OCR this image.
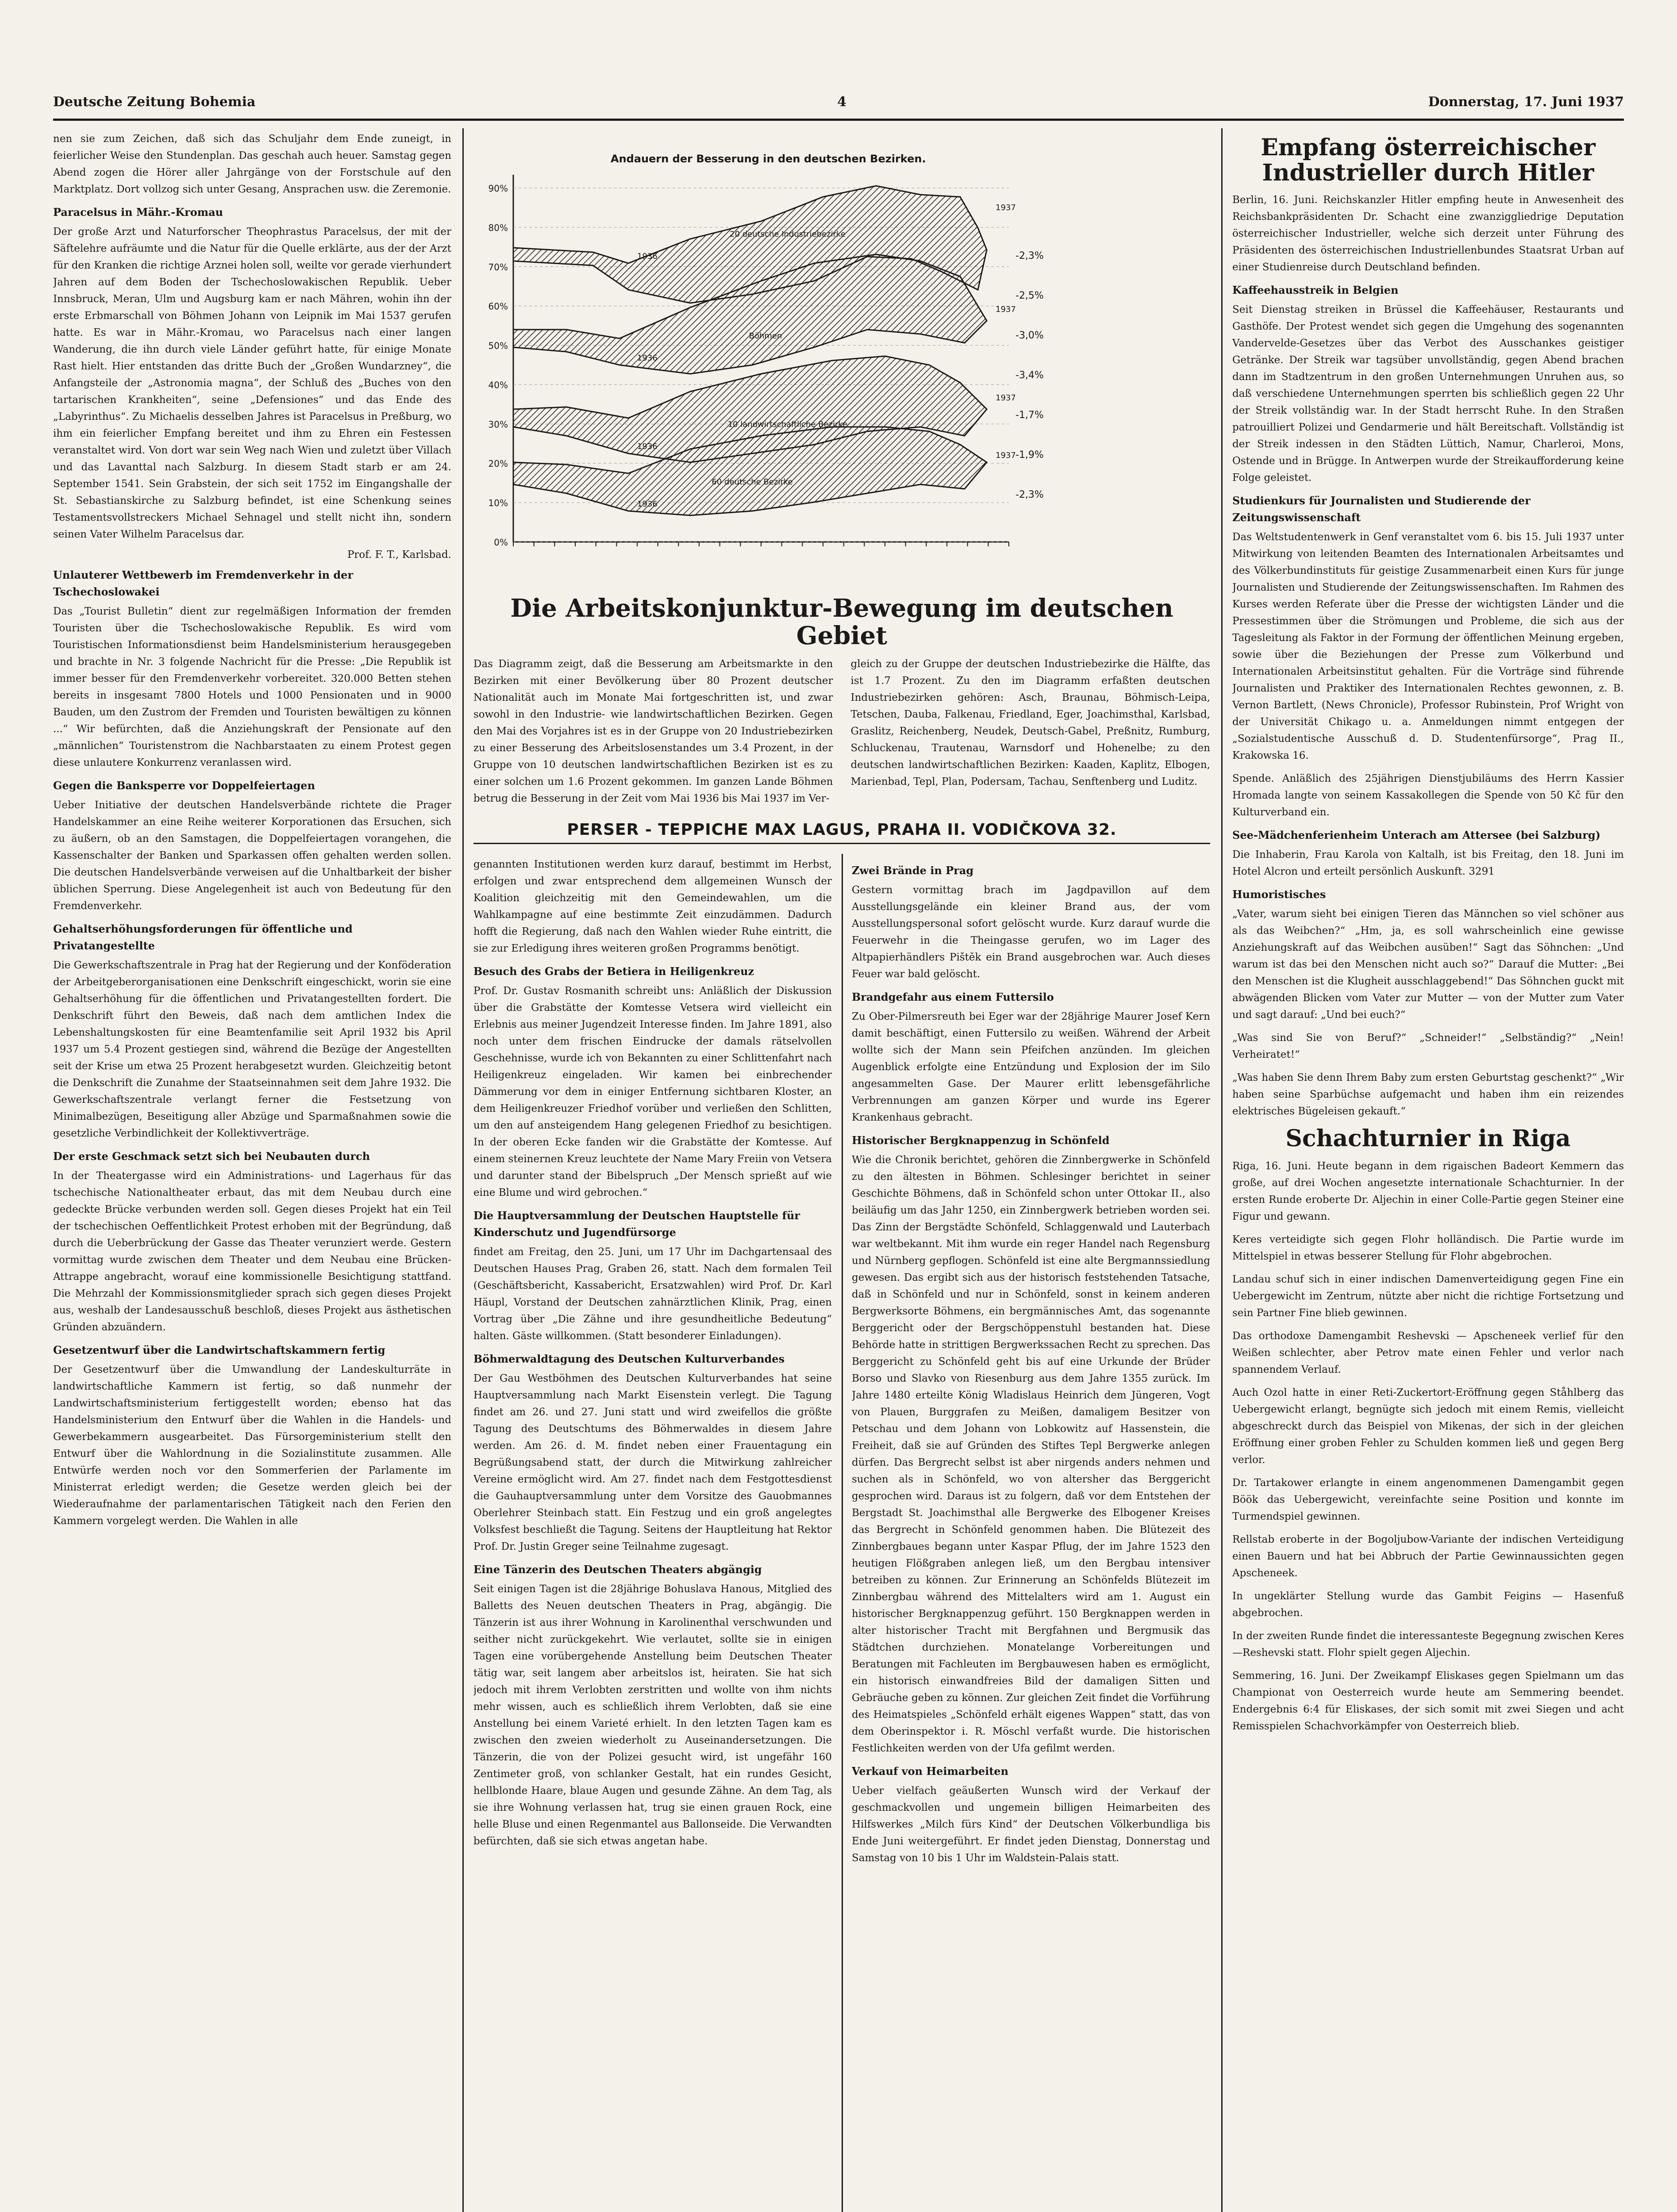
Deutsche Zeitung Bohemia	4	Donnerstag, 17. Juni 1937

nen sie zum Zeichen, daß sich das Schuljahr dem Ende zuneigt, in feierlicher Weise den Stundenplan. Das geschah auch heuer. Samstag gegen Abend zogen die Hörer aller Jahrgänge von der Forstschule auf den Marktplatz. Dort vollzog sich unter Gesang, Ansprachen usw. die Zeremonie.

Paracelsus in Mähr.-Kromau

Der große Arzt und Naturforscher Theophrastus Paracelsus, der mit der Säftelehre aufräumte und die Natur für die Quelle erklärte, aus der der Arzt für den Kranken die richtige Arznei holen soll, weilte vor gerade vierhundert Jahren auf dem Boden der Tschechoslowakischen Republik. Ueber Innsbruck, Meran, Ulm und Augsburg kam er nach Mähren, wohin ihn der erste Erbmarschall von Böhmen Johann von Leipnik im Mai 1537 gerufen hatte. Es war in Mähr.-Kromau, wo Paracelsus nach einer langen Wanderung, die ihn durch viele Länder geführt hatte, für einige Monate Rast hielt. Hier entstanden das dritte Buch der „Großen Wundarzney“, die Anfangsteile der „Astronomia magna“, der Schluß des „Buches von den tartarischen Krankheiten“, seine „Defensiones“ und das Ende des „Labyrinthus“. Zu Michaelis desselben Jahres ist Paracelsus in Preßburg, wo ihm ein feierlicher Empfang bereitet und ihm zu Ehren ein Festessen veranstaltet wird. Von dort war sein Weg nach Wien und zuletzt über Villach und das Lavanttal nach Salzburg. In diesem Stadt starb er am 24. September 1541. Sein Grabstein, der sich seit 1752 im Eingangshalle der St. Sebastianskirche zu Salzburg befindet, ist eine Schenkung seines Testamentsvollstreckers Michael Sehnagel und stellt nicht ihn, sondern seinen Vater Wilhelm Paracelsus dar.

Prof. F. T., Karlsbad.
Unlauterer Wettbewerb im Fremdenverkehr in der Tschechoslowakei

Das „Tourist Bulletin“ dient zur regelmäßigen Information der fremden Touristen über die Tschechoslowakische Republik. Es wird vom Touristischen Informationsdienst beim Handelsministerium herausgegeben und brachte in Nr. 3 folgende Nachricht für die Presse: „Die Republik ist immer besser für den Fremdenverkehr vorbereitet. 320.000 Betten stehen bereits in insgesamt 7800 Hotels und 1000 Pensionaten und in 9000 Bauden, um den Zustrom der Fremden und Touristen bewältigen zu können ...“ Wir befürchten, daß die Anziehungskraft der Pensionate auf den „männlichen“ Touristenstrom die Nachbarstaaten zu einem Protest gegen diese unlautere Konkurrenz veranlassen wird.

Gegen die Banksperre vor Doppelfeiertagen

Ueber Initiative der deutschen Handelsverbände richtete die Prager Handelskammer an eine Reihe weiterer Korporationen das Ersuchen, sich zu äußern, ob an den Samstagen, die Doppelfeiertagen vorangehen, die Kassenschalter der Banken und Sparkassen offen gehalten werden sollen. Die deutschen Handelsverbände verweisen auf die Unhaltbarkeit der bisher üblichen Sperrung. Diese Angelegenheit ist auch von Bedeutung für den Fremdenverkehr.

Gehaltserhöhungsforderungen für öffentliche und Privatangestellte

Die Gewerkschaftszentrale in Prag hat der Regierung und der Konföderation der Arbeitgeberorganisationen eine Denkschrift eingeschickt, worin sie eine Gehaltserhöhung für die öffentlichen und Privatangestellten fordert. Die Denkschrift führt den Beweis, daß nach dem amtlichen Index die Lebenshaltungskosten für eine Beamtenfamilie seit April 1932 bis April 1937 um 5.4 Prozent gestiegen sind, während die Bezüge der Angestellten seit der Krise um etwa 25 Prozent herabgesetzt wurden. Gleichzeitig betont die Denkschrift die Zunahme der Staatseinnahmen seit dem Jahre 1932. Die Gewerkschaftszentrale verlangt ferner die Festsetzung von Minimalbezügen, Beseitigung aller Abzüge und Sparmaßnahmen sowie die gesetzliche Verbindlichkeit der Kollektivverträge.

Der erste Geschmack setzt sich bei Neubauten durch

In der Theatergasse wird ein Administrations- und Lagerhaus für das tschechische Nationaltheater erbaut, das mit dem Neubau durch eine gedeckte Brücke verbunden werden soll. Gegen dieses Projekt hat ein Teil der tschechischen Oeffentlichkeit Protest erhoben mit der Begründung, daß durch die Ueberbrückung der Gasse das Theater verunziert werde. Gestern vormittag wurde zwischen dem Theater und dem Neubau eine Brücken-Attrappe angebracht, worauf eine kommissionelle Besichtigung stattfand. Die Mehrzahl der Kommissionsmitglieder sprach sich gegen dieses Projekt aus, weshalb der Landesausschuß beschloß, dieses Projekt aus ästhetischen Gründen abzuändern.

Gesetzentwurf über die Landwirtschaftskammern fertig

Der Gesetzentwurf über die Umwandlung der Landeskulturräte in landwirtschaftliche Kammern ist fertig, so daß nunmehr der Landwirtschaftsministerium fertiggestellt worden; ebenso hat das Handelsministerium den Entwurf über die Wahlen in die Handels- und Gewerbekammern ausgearbeitet. Das Fürsorgeministerium stellt den Entwurf über die Wahlordnung in die Sozialinstitute zusammen. Alle Entwürfe werden noch vor den Sommerferien der Parlamente im Ministerrat erledigt werden; die Gesetze werden gleich bei der Wiederaufnahme der parlamentarischen Tätigkeit nach den Ferien den Kammern vorgelegt werden. Die Wahlen in alle

Andauern der Besserung in den deutschen Bezirken.
90%
80%
70%
60%
50%
40%
30%
20%
10%
0%
20 deutsche Industriebezirke
1936
1937
Böhmen
1936
1937
10 landwirtschaftliche Bezirke
1936
1937
60 deutsche Bezirke
1936
1937
-2,3%
-2,5%
-3,0%
-3,4%
-1,7%
-1,9%
-2,3%
Die Arbeitskonjunktur-Bewegung im deutschen Gebiet

Das Diagramm zeigt, daß die Besserung am Arbeitsmarkte in den Bezirken mit einer Bevölkerung über 80 Prozent deutscher Nationalität auch im Monate Mai fortgeschritten ist, und zwar sowohl in den Industrie- wie landwirtschaftlichen Bezirken. Gegen den Mai des Vorjahres ist es in der Gruppe von 20 Industriebezirken zu einer Besserung des Arbeitslosenstandes um 3.4 Prozent, in der Gruppe von 10 deutschen landwirtschaftlichen Bezirken ist es zu einer solchen um 1.6 Prozent gekommen. Im ganzen Lande Böhmen betrug die Besserung in der Zeit vom Mai 1936 bis Mai 1937 im Ver-

gleich zu der Gruppe der deutschen Industriebezirke die Hälfte, das ist 1.7 Prozent. Zu den im Diagramm erfaßten deutschen Industriebezirken gehören: Asch, Braunau, Böhmisch-Leipa, Tetschen, Dauba, Falkenau, Friedland, Eger, Joachimsthal, Karlsbad, Graslitz, Reichenberg, Neudek, Deutsch-Gabel, Preßnitz, Rumburg, Schluckenau, Trautenau, Warnsdorf und Hohenelbe; zu den deutschen landwirtschaftlichen Bezirken: Kaaden, Kaplitz, Elbogen, Marienbad, Tepl, Plan, Podersam, Tachau, Senftenberg und Luditz.

PERSER - TEPPICHE MAX LAGUS, PRAHA II. VODIČKOVA 32.

genannten Institutionen werden kurz darauf, bestimmt im Herbst, erfolgen und zwar entsprechend dem allgemeinen Wunsch der Koalition gleichzeitig mit den Gemeindewahlen, um die Wahlkampagne auf eine bestimmte Zeit einzudämmen. Dadurch hofft die Regierung, daß nach den Wahlen wieder Ruhe eintritt, die sie zur Erledigung ihres weiteren großen Programms benötigt.

Besuch des Grabs der Betiera in Heiligenkreuz

Prof. Dr. Gustav Rosmanith schreibt uns: Anläßlich der Diskussion über die Grabstätte der Komtesse Vetsera wird vielleicht ein Erlebnis aus meiner Jugendzeit Interesse finden. Im Jahre 1891, also noch unter dem frischen Eindrucke der damals rätselvollen Geschehnisse, wurde ich von Bekannten zu einer Schlittenfahrt nach Heiligenkreuz eingeladen. Wir kamen bei einbrechender Dämmerung vor dem in einiger Entfernung sichtbaren Kloster, an dem Heiligenkreuzer Friedhof vorüber und verließen den Schlitten, um den auf ansteigendem Hang gelegenen Friedhof zu besichtigen. In der oberen Ecke fanden wir die Grabstätte der Komtesse. Auf einem steinernen Kreuz leuchtete der Name Mary Freiin von Vetsera und darunter stand der Bibelspruch „Der Mensch sprießt auf wie eine Blume und wird gebrochen.“

Die Hauptversammlung der Deutschen Hauptstelle für Kinderschutz und Jugendfürsorge

findet am Freitag, den 25. Juni, um 17 Uhr im Dachgartensaal des Deutschen Hauses Prag, Graben 26, statt. Nach dem formalen Teil (Geschäftsbericht, Kassabericht, Ersatzwahlen) wird Prof. Dr. Karl Häupl, Vorstand der Deutschen zahnärztlichen Klinik, Prag, einen Vortrag über „Die Zähne und ihre gesundheitliche Bedeutung“ halten. Gäste willkommen. (Statt besonderer Einladungen).

Böhmerwaldtagung des Deutschen Kulturverbandes

Der Gau Westböhmen des Deutschen Kulturverbandes hat seine Hauptversammlung nach Markt Eisenstein verlegt. Die Tagung findet am 26. und 27. Juni statt und wird zweifellos die größte Tagung des Deutschtums des Böhmerwaldes in diesem Jahre werden. Am 26. d. M. findet neben einer Frauentagung ein Begrüßungsabend statt, der durch die Mitwirkung zahlreicher Vereine ermöglicht wird. Am 27. findet nach dem Festgottesdienst die Gauhauptversammlung unter dem Vorsitze des Gauobmannes Oberlehrer Steinbach statt. Ein Festzug und ein groß angelegtes Volksfest beschließt die Tagung. Seitens der Hauptleitung hat Rektor Prof. Dr. Justin Greger seine Teilnahme zugesagt.

Eine Tänzerin des Deutschen Theaters abgängig

Seit einigen Tagen ist die 28jährige Bohuslava Hanous, Mitglied des Balletts des Neuen deutschen Theaters in Prag, abgängig. Die Tänzerin ist aus ihrer Wohnung in Karolinenthal verschwunden und seither nicht zurückgekehrt. Wie verlautet, sollte sie in einigen Tagen eine vorübergehende Anstellung beim Deutschen Theater tätig war, seit langem aber arbeitslos ist, heiraten. Sie hat sich jedoch mit ihrem Verlobten zerstritten und wollte von ihm nichts mehr wissen, auch es schließlich ihrem Verlobten, daß sie eine Anstellung bei einem Varieté erhielt. In den letzten Tagen kam es zwischen den zweien wiederholt zu Auseinandersetzungen. Die Tänzerin, die von der Polizei gesucht wird, ist ungefähr 160 Zentimeter groß, von schlanker Gestalt, hat ein rundes Gesicht, hellblonde Haare, blaue Augen und gesunde Zähne. An dem Tag, als sie ihre Wohnung verlassen hat, trug sie einen grauen Rock, eine helle Bluse und einen Regenmantel aus Ballonseide. Die Verwandten befürchten, daß sie sich etwas angetan habe.

Zwei Brände in Prag

Gestern vormittag brach im Jagdpavillon auf dem Ausstellungsgelände ein kleiner Brand aus, der vom Ausstellungspersonal sofort gelöscht wurde. Kurz darauf wurde die Feuerwehr in die Theingasse gerufen, wo im Lager des Altpapierhändlers Pištěk ein Brand ausgebrochen war. Auch dieses Feuer war bald gelöscht.

Brandgefahr aus einem Futtersilo

Zu Ober-Pilmersreuth bei Eger war der 28jährige Maurer Josef Kern damit beschäftigt, einen Futtersilo zu weißen. Während der Arbeit wollte sich der Mann sein Pfeifchen anzünden. Im gleichen Augenblick erfolgte eine Entzündung und Explosion der im Silo angesammelten Gase. Der Maurer erlitt lebensgefährliche Verbrennungen am ganzen Körper und wurde ins Egerer Krankenhaus gebracht.

Historischer Bergknappenzug in Schönfeld

Wie die Chronik berichtet, gehören die Zinnbergwerke in Schönfeld zu den ältesten in Böhmen. Schlesinger berichtet in seiner Geschichte Böhmens, daß in Schönfeld schon unter Ottokar II., also beiläufig um das Jahr 1250, ein Zinnbergwerk betrieben worden sei. Das Zinn der Bergstädte Schönfeld, Schlaggenwald und Lauterbach war weltbekannt. Mit ihm wurde ein reger Handel nach Regensburg und Nürnberg gepflogen. Schönfeld ist eine alte Bergmannssiedlung gewesen. Das ergibt sich aus der historisch feststehenden Tatsache, daß in Schönfeld und nur in Schönfeld, sonst in keinem anderen Bergwerksorte Böhmens, ein bergmännisches Amt, das sogenannte Berggericht oder der Bergschöppenstuhl bestanden hat. Diese Behörde hatte in strittigen Bergwerkssachen Recht zu sprechen. Das Berggericht zu Schönfeld geht bis auf eine Urkunde der Brüder Borso und Slavko von Riesenburg aus dem Jahre 1355 zurück. Im Jahre 1480 erteilte König Wladislaus Heinrich dem Jüngeren, Vogt von Plauen, Burggrafen zu Meißen, damaligem Besitzer von Petschau und dem Johann von Lobkowitz auf Hassenstein, die Freiheit, daß sie auf Gründen des Stiftes Tepl Bergwerke anlegen dürfen. Das Bergrecht selbst ist aber nirgends anders nehmen und suchen als in Schönfeld, wo von altersher das Berggericht gesprochen wird. Daraus ist zu folgern, daß vor dem Entstehen der Bergstadt St. Joachimsthal alle Bergwerke des Elbogener Kreises das Bergrecht in Schönfeld genommen haben. Die Blütezeit des Zinnbergbaues begann unter Kaspar Pflug, der im Jahre 1523 den heutigen Flößgraben anlegen ließ, um den Bergbau intensiver betreiben zu können. Zur Erinnerung an Schönfelds Blütezeit im Zinnbergbau während des Mittelalters wird am 1. August ein historischer Bergknappenzug geführt. 150 Bergknappen werden in alter historischer Tracht mit Bergfahnen und Bergmusik das Städtchen durchziehen. Monatelange Vorbereitungen und Beratungen mit Fachleuten im Bergbauwesen haben es ermöglicht, ein historisch einwandfreies Bild der damaligen Sitten und Gebräuche geben zu können. Zur gleichen Zeit findet die Vorführung des Heimatspieles „Schönfeld erhält eigenes Wappen“ statt, das von dem Oberinspektor i. R. Möschl verfaßt wurde. Die historischen Festlichkeiten werden von der Ufa gefilmt werden.

Verkauf von Heimarbeiten

Ueber vielfach geäußerten Wunsch wird der Verkauf der geschmackvollen und ungemein billigen Heimarbeiten des Hilfswerkes „Milch fürs Kind“ der Deutschen Völkerbundliga bis Ende Juni weitergeführt. Er findet jeden Dienstag, Donnerstag und Samstag von 10 bis 1 Uhr im Waldstein-Palais statt.

Empfang österreichischer Industrieller durch Hitler

Berlin, 16. Juni. Reichskanzler Hitler empfing heute in Anwesenheit des Reichsbankpräsidenten Dr. Schacht eine zwanziggliedrige Deputation österreichischer Industrieller, welche sich derzeit unter Führung des Präsidenten des österreichischen Industriellenbundes Staatsrat Urban auf einer Studienreise durch Deutschland befinden.

Kaffeehausstreik in Belgien

Seit Dienstag streiken in Brüssel die Kaffeehäuser, Restaurants und Gasthöfe. Der Protest wendet sich gegen die Umgehung des sogenannten Vandervelde-Gesetzes über das Verbot des Ausschankes geistiger Getränke. Der Streik war tagsüber unvollständig, gegen Abend brachen dann im Stadtzentrum in den großen Unternehmungen Unruhen aus, so daß verschiedene Unternehmungen sperrten bis schließlich gegen 22 Uhr der Streik vollständig war. In der Stadt herrscht Ruhe. In den Straßen patrouilliert Polizei und Gendarmerie und hält Bereitschaft. Vollständig ist der Streik indessen in den Städten Lüttich, Namur, Charleroi, Mons, Ostende und in Brügge. In Antwerpen wurde der Streikaufforderung keine Folge geleistet.

Studienkurs für Journalisten und Studierende der Zeitungswissenschaft

Das Weltstudentenwerk in Genf veranstaltet vom 6. bis 15. Juli 1937 unter Mitwirkung von leitenden Beamten des Internationalen Arbeitsamtes und des Völkerbundinstituts für geistige Zusammenarbeit einen Kurs für junge Journalisten und Studierende der Zeitungswissenschaften. Im Rahmen des Kurses werden Referate über die Presse der wichtigsten Länder und die Pressestimmen über die Strömungen und Probleme, die sich aus der Tagesleitung als Faktor in der Formung der öffentlichen Meinung ergeben, sowie über die Beziehungen der Presse zum Völkerbund und Internationalen Arbeitsinstitut gehalten. Für die Vorträge sind führende Journalisten und Praktiker des Internationalen Rechtes gewonnen, z. B. Vernon Bartlett, (News Chronicle), Professor Rubinstein, Prof Wright von der Universität Chikago u. a. Anmeldungen nimmt entgegen der „Sozialstudentische Ausschuß d. D. Studentenfürsorge“, Prag II., Krakowska 16.

Spende. Anläßlich des 25jährigen Dienstjubiläums des Herrn Kassier Hromada langte von seinem Kassakollegen die Spende von 50 Kč für den Kulturverband ein.

See-Mädchenferienheim Unterach am Attersee (bei Salzburg)

Die Inhaberin, Frau Karola von Kaltalh, ist bis Freitag, den 18. Juni im Hotel Alcron und erteilt persönlich Auskunft. 3291

Humoristisches

„Vater, warum sieht bei einigen Tieren das Männchen so viel schöner aus als das Weibchen?“ „Hm, ja, es soll wahrscheinlich eine gewisse Anziehungskraft auf das Weibchen ausüben!“ Sagt das Söhnchen: „Und warum ist das bei den Menschen nicht auch so?“ Darauf die Mutter: „Bei den Menschen ist die Klugheit ausschlaggebend!“ Das Söhnchen guckt mit abwägenden Blicken vom Vater zur Mutter — von der Mutter zum Vater und sagt darauf: „Und bei euch?“

„Was sind Sie von Beruf?“ „Schneider!“ „Selbständig?“ „Nein! Verheiratet!“

„Was haben Sie denn Ihrem Baby zum ersten Geburtstag geschenkt?“ „Wir haben seine Sparbüchse aufgemacht und haben ihm ein reizendes elektrisches Bügeleisen gekauft.“

Schachturnier in Riga

Riga, 16. Juni. Heute begann in dem rigaischen Badeort Kemmern das große, auf drei Wochen angesetzte internationale Schachturnier. In der ersten Runde eroberte Dr. Aljechin in einer Colle-Partie gegen Steiner eine Figur und gewann.

Keres verteidigte sich gegen Flohr holländisch. Die Partie wurde im Mittelspiel in etwas besserer Stellung für Flohr abgebrochen.

Landau schuf sich in einer indischen Damenverteidigung gegen Fine ein Uebergewicht im Zentrum, nützte aber nicht die richtige Fortsetzung und sein Partner Fine blieb gewinnen.

Das orthodoxe Damengambit Reshevski — Apscheneek verlief für den Weißen schlechter, aber Petrov mate einen Fehler und verlor nach spannendem Verlauf.

Auch Ozol hatte in einer Reti-Zuckertort-Eröffnung gegen Ståhlberg das Uebergewicht erlangt, begnügte sich jedoch mit einem Remis, vielleicht abgeschreckt durch das Beispiel von Mikenas, der sich in der gleichen Eröffnung einer groben Fehler zu Schulden kommen ließ und gegen Berg verlor.

Dr. Tartakower erlangte in einem angenommenen Damengambit gegen Böök das Uebergewicht, vereinfachte seine Position und konnte im Turmendspiel gewinnen.

Rellstab eroberte in der Bogoljubow-Variante der indischen Verteidigung einen Bauern und hat bei Abbruch der Partie Gewinnaussichten gegen Apscheneek.

In ungeklärter Stellung wurde das Gambit Feigins — Hasenfuß abgebrochen.

In der zweiten Runde findet die interessanteste Begegnung zwischen Keres—Reshevski statt. Flohr spielt gegen Aljechin.

Semmering, 16. Juni. Der Zweikampf Eliskases gegen Spielmann um das Championat von Oesterreich wurde heute am Semmering beendet. Endergebnis 6:4 für Eliskases, der sich somit mit zwei Siegen und acht Remisspielen Schachvorkämpfer von Oesterreich blieb.
